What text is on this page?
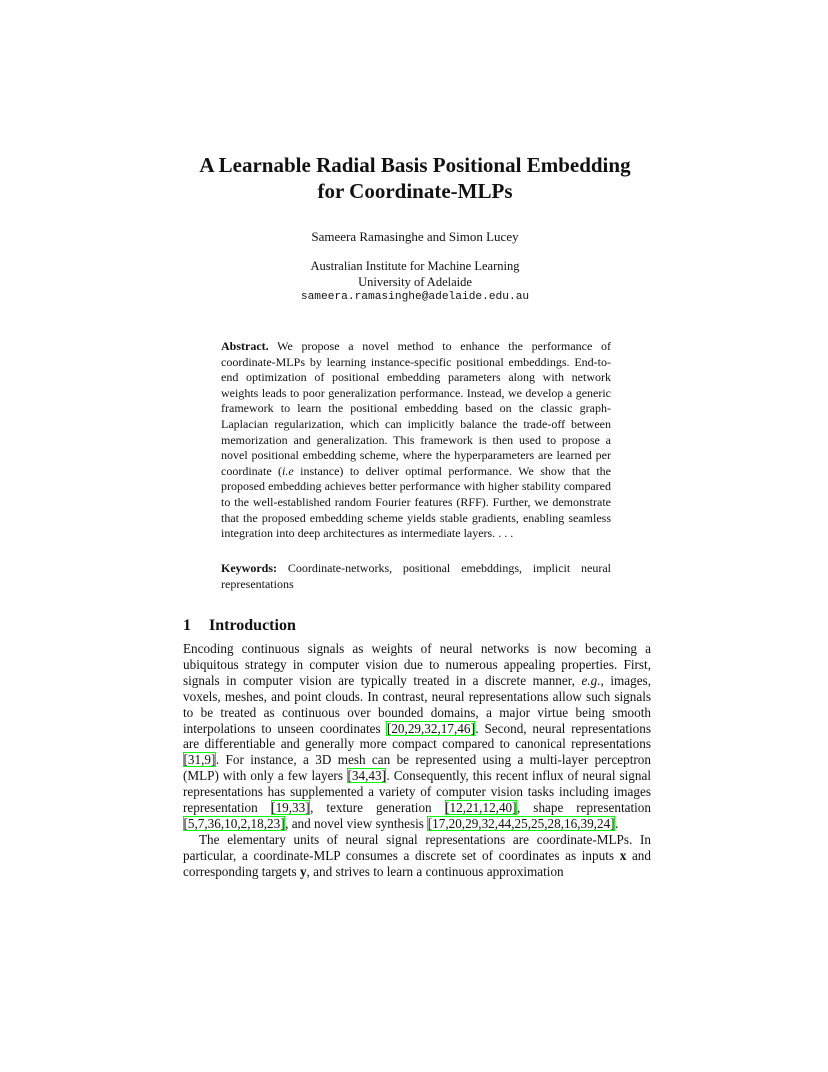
A Learnable Radial Basis Positional Embedding
for Coordinate-MLPs
Sameera Ramasinghe and Simon Lucey
Australian Institute for Machine Learning
University of Adelaide
sameera.ramasinghe@adelaide.edu.au
Abstract. We propose a novel method to enhance the performance of coordinate-MLPs by learning instance-specific positional embeddings. End-to-end optimization of positional embedding parameters along with network weights leads to poor generalization performance. Instead, we develop a generic framework to learn the positional embedding based on the classic graph-Laplacian regularization, which can implicitly balance the trade-off between memorization and generalization. This framework is then used to propose a novel positional embedding scheme, where the hyperparameters are learned per coordinate (i.e instance) to deliver optimal performance. We show that the proposed embedding achieves better performance with higher stability compared to the well-established random Fourier features (RFF). Further, we demonstrate that the proposed embedding scheme yields stable gradients, enabling seamless integration into deep architectures as intermediate layers. . . .
Keywords: Coordinate-networks, positional emebddings, implicit neural representations
1 Introduction

Encoding continuous signals as weights of neural networks is now becoming a ubiquitous strategy in computer vision due to numerous appealing properties. First, signals in computer vision are typically treated in a discrete manner, e.g., images, voxels, meshes, and point clouds. In contrast, neural representations allow such signals to be treated as continuous over bounded domains, a major virtue being smooth interpolations to unseen coordinates [20,29,32,17,46]. Second, neural representations are differentiable and generally more compact compared to canonical representations [31,9]. For instance, a 3D mesh can be represented using a multi-layer perceptron (MLP) with only a few layers [34,43]. Consequently, this recent influx of neural signal representations has supplemented a variety of computer vision tasks including images representation [19,33], texture generation [12,21,12,40], shape representation [5,7,36,10,2,18,23], and novel view synthesis [17,20,29,32,44,25,25,28,16,39,24].

The elementary units of neural signal representations are coordinate-MLPs. In particular, a coordinate-MLP consumes a discrete set of coordinates as inputs x and corresponding targets y, and strives to learn a continuous approximation
